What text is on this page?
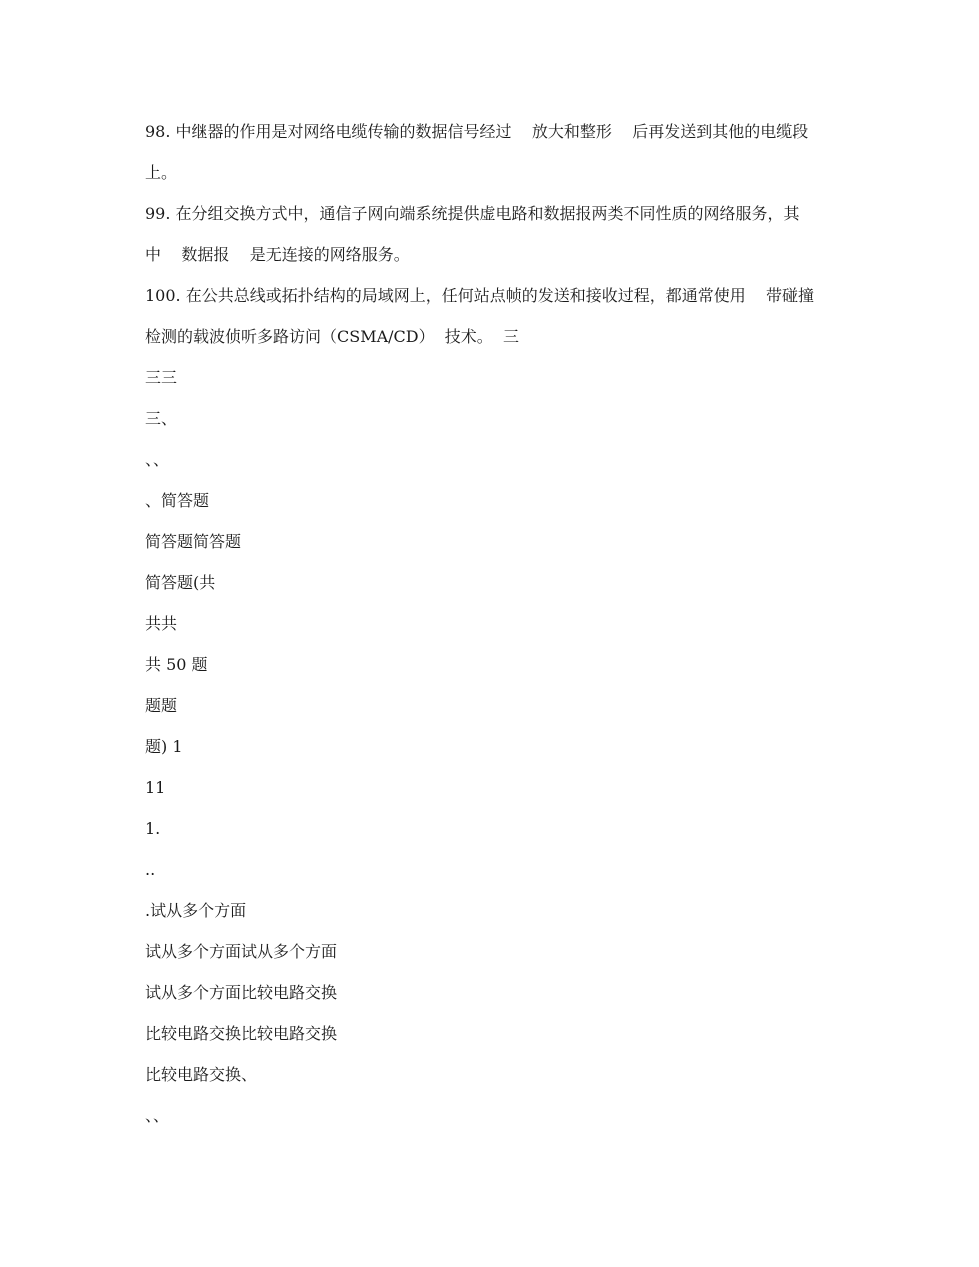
98. 中继器的作用是对网络电缆传输的数据信号经过    放大和整形    后再发送到其他的电缆段
上。
99. 在分组交换方式中，通信子网向端系统提供虚电路和数据报两类不同性质的网络服务，其
中    数据报    是无连接的网络服务。
100. 在公共总线或拓扑结构的局域网上，任何站点帧的发送和接收过程，都通常使用    带碰撞
检测的载波侦听多路访问（CSMA/CD）  技术。  三
三三
三、
、、
、简答题
简答题简答题
简答题(共
共共
共 50 题
题题
题) 1
11
1.
..
.试从多个方面
试从多个方面试从多个方面
试从多个方面比较电路交换
比较电路交换比较电路交换
比较电路交换、
、、
